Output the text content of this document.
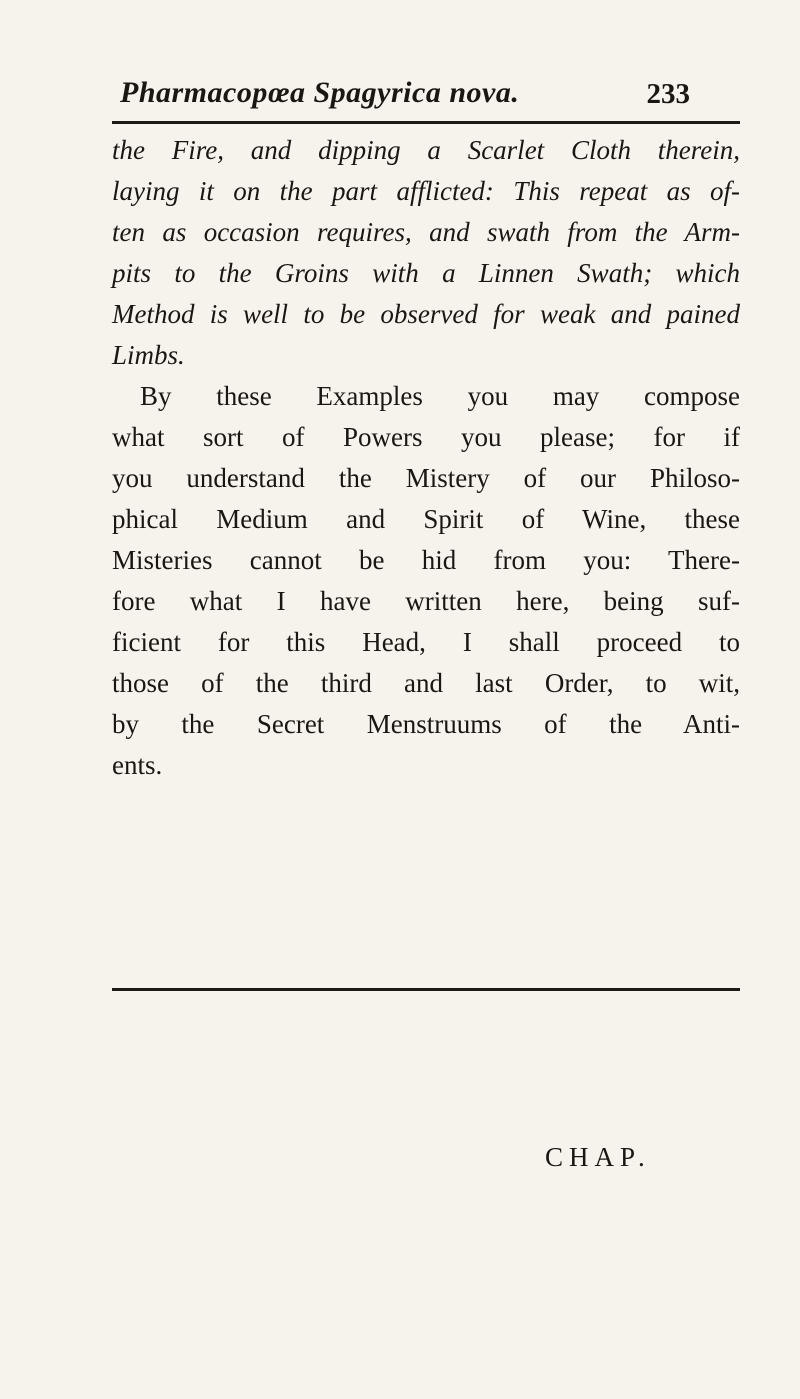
Pharmacopœa Spagyrica nova.	233
the Fire, and dipping a Scarlet Cloth therein,
laying it on the part afflicted: This repeat as of-
ten as occasion requires, and swath from the Arm-
pits to the Groins with a Linnen Swath; which
Method is well to be observed for weak and pained
Limbs.
By these Examples you may compose
what sort of Powers you please; for if
you understand the Mistery of our Philoso-
phical Medium and Spirit of Wine, these
Misteries cannot be hid from you: There-
fore what I have written here, being suf-
ficient for this Head, I shall proceed to
those of the third and last Order, to wit,
by the Secret Menstruums of the Anti-
ents.
CHAP.
